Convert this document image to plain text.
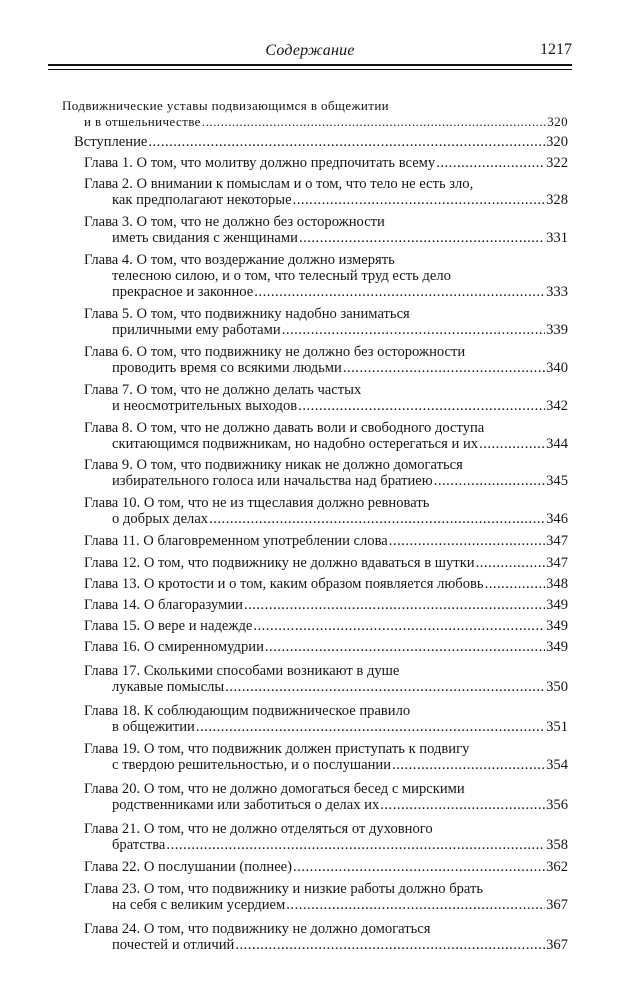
Содержание	1217
Подвижнические уставы подвизающимся в общежитии
и в отшельничестве .....	320
Вступление .....	320
Глава 1. О том, что молитву должно предпочитать всему .....	322
Глава 2. О внимании к помыслам и о том, что тело не есть зло,
как предполагают некоторые .....	328
Глава 3. О том, что не должно без осторожности
иметь свидания с женщинами .....	331
Глава 4. О том, что воздержание должно измерять
телесною силою, и о том, что телесный труд есть дело
прекрасное и законное .....	333
Глава 5. О том, что подвижнику надобно заниматься
приличными ему работами .....	339
Глава 6. О том, что подвижнику не должно без осторожности
проводить время со всякими людьми .....	340
Глава 7. О том, что не должно делать частых
и неосмотрительных выходов .....	342
Глава 8. О том, что не должно давать воли и свободного доступа
скитающимся подвижникам, но надобно остерегаться и их .....	344
Глава 9. О том, что подвижнику никак не должно домогаться
избирательного голоса или начальства над братиею .....	345
Глава 10. О том, что не из тщеславия должно ревновать
о добрых делах .....	346
Глава 11. О благовременном употреблении слова .....	347
Глава 12. О том, что подвижнику не должно вдаваться в шутки .....	347
Глава 13. О кротости и о том, каким образом появляется любовь .....	348
Глава 14. О благоразумии .....	349
Глава 15. О вере и надежде .....	349
Глава 16. О смиренномудрии .....	349
Глава 17. Сколькими способами возникают в душе
лукавые помыслы .....	350
Глава 18. К соблюдающим подвижническое правило
в общежитии .....	351
Глава 19. О том, что подвижник должен приступать к подвигу
с твердою решительностью, и о послушании .....	354
Глава 20. О том, что не должно домогаться бесед с мирскими
родственниками или заботиться о делах их .....	356
Глава 21. О том, что не должно отделяться от духовного
братства .....	358
Глава 22. О послушании (полнее) .....	362
Глава 23. О том, что подвижнику и низкие работы должно брать
на себя с великим усердием .....	367
Глава 24. О том, что подвижнику не должно домогаться
почестей и отличий .....	367
